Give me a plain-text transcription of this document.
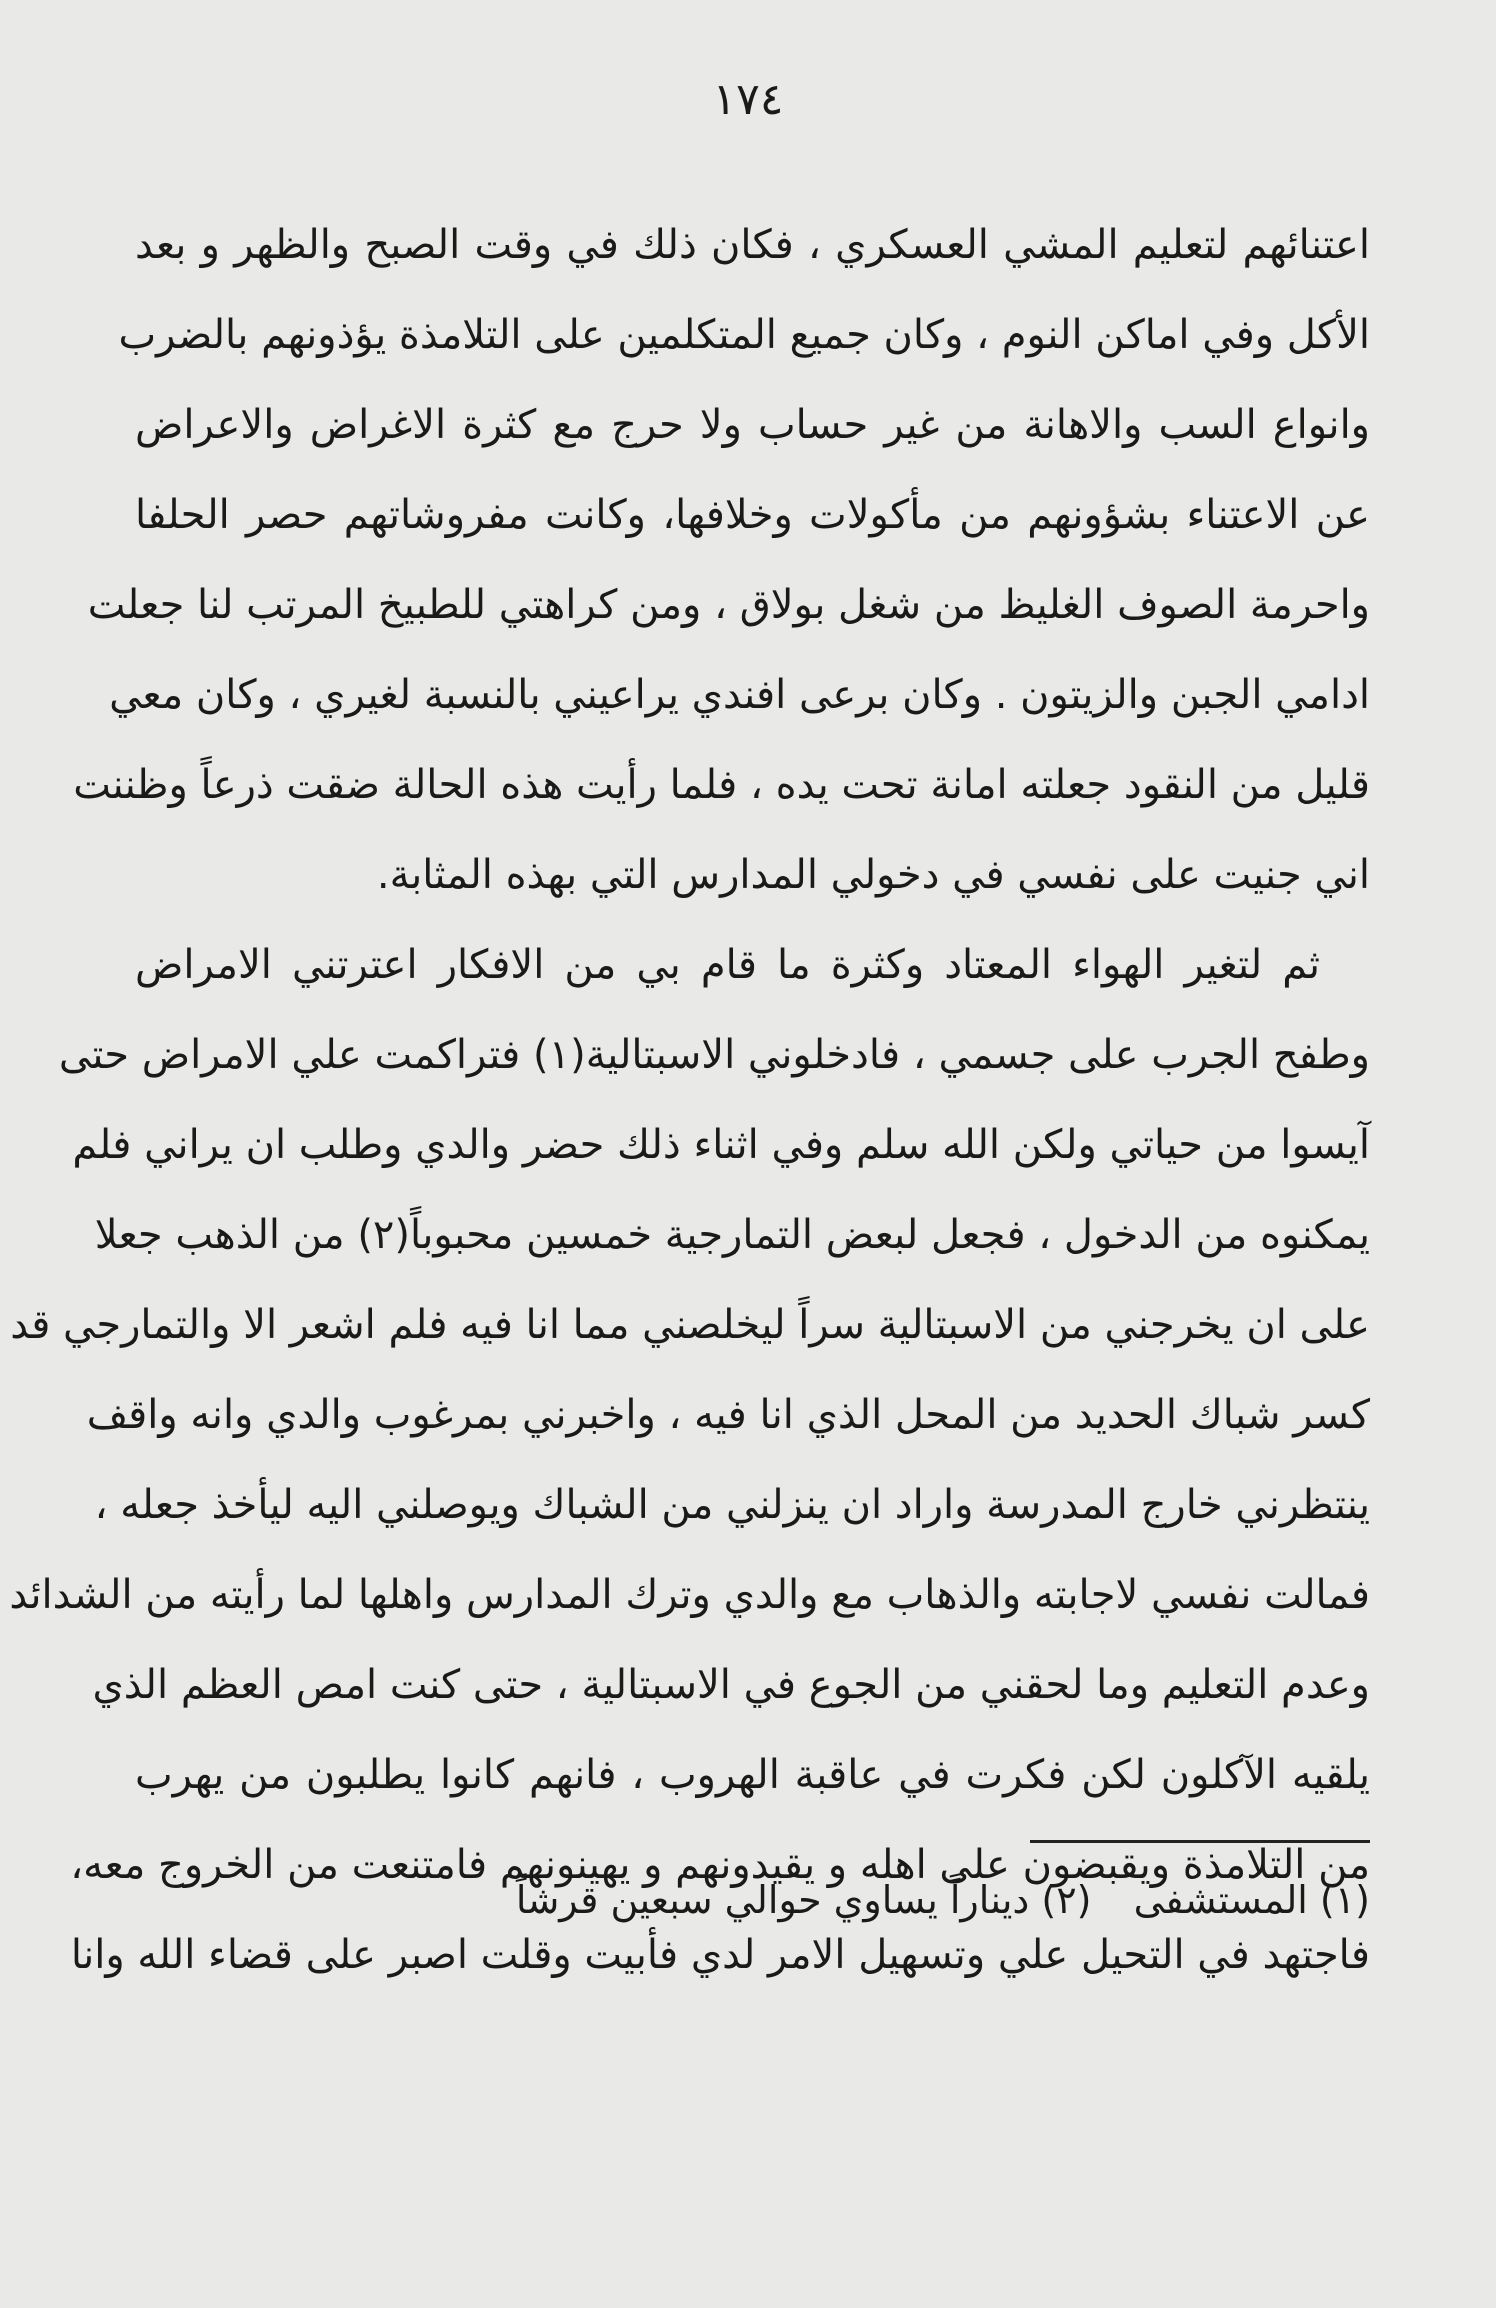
١٧٤
اعتنائهم لتعليم المشي العسكري ، فكان ذلك في وقت الصبح والظهر و بعد
الأكل وفي اماكن النوم ، وكان جميع المتكلمين على التلامذة يؤذونهم بالضرب
وانواع السب والاهانة من غير حساب ولا حرج مع كثرة الاغراض والاعراض
عن الاعتناء بشؤونهم من مأكولات وخلافها، وكانت مفروشاتهم حصر الحلفا
واحرمة الصوف الغليظ من شغل بولاق ، ومن كراهتي للطبيخ المرتب لنا جعلت
ادامي الجبن والزيتون . وكان برعى افندي يراعيني بالنسبة لغيري ، وكان معي
قليل من النقود جعلته امانة تحت يده ، فلما رأيت هذه الحالة ضقت ذرعاً وظننت
اني جنيت على نفسي في دخولي المدارس التي بهذه المثابة.
ثم لتغير الهواء المعتاد وكثرة ما قام بي من الافكار اعترتني الامراض
وطفح الجرب على جسمي ، فادخلوني الاسبتالية(١) فتراكمت علي الامراض حتى
آيسوا من حياتي ولكن الله سلم وفي اثناء ذلك حضر والدي وطلب ان يراني فلم
يمكنوه من الدخول ، فجعل لبعض التمارجية خمسين محبوباً(٢) من الذهب جعلا
على ان يخرجني من الاسبتالية سراً ليخلصني مما انا فيه فلم اشعر الا والتمارجي قد
كسر شباك الحديد من المحل الذي انا فيه ، واخبرني بمرغوب والدي وانه واقف
ينتظرني خارج المدرسة واراد ان ينزلني من الشباك ويوصلني اليه ليأخذ جعله ،
فمالت نفسي لاجابته والذهاب مع والدي وترك المدارس واهلها لما رأيته من الشدائد
وعدم التعليم وما لحقني من الجوع في الاسبتالية ، حتى كنت امص العظم الذي
يلقيه الآكلون لكن فكرت في عاقبة الهروب ، فانهم كانوا يطلبون من يهرب
من التلامذة ويقبضون على اهله و يقيدونهم و يهينونهم فامتنعت من الخروج معه،
فاجتهد في التحيل علي وتسهيل الامر لدي فأبيت وقلت اصبر على قضاء الله وانا
(١) المستشفى (٢) ديناراً يساوي حوالي سبعين قرشاً
